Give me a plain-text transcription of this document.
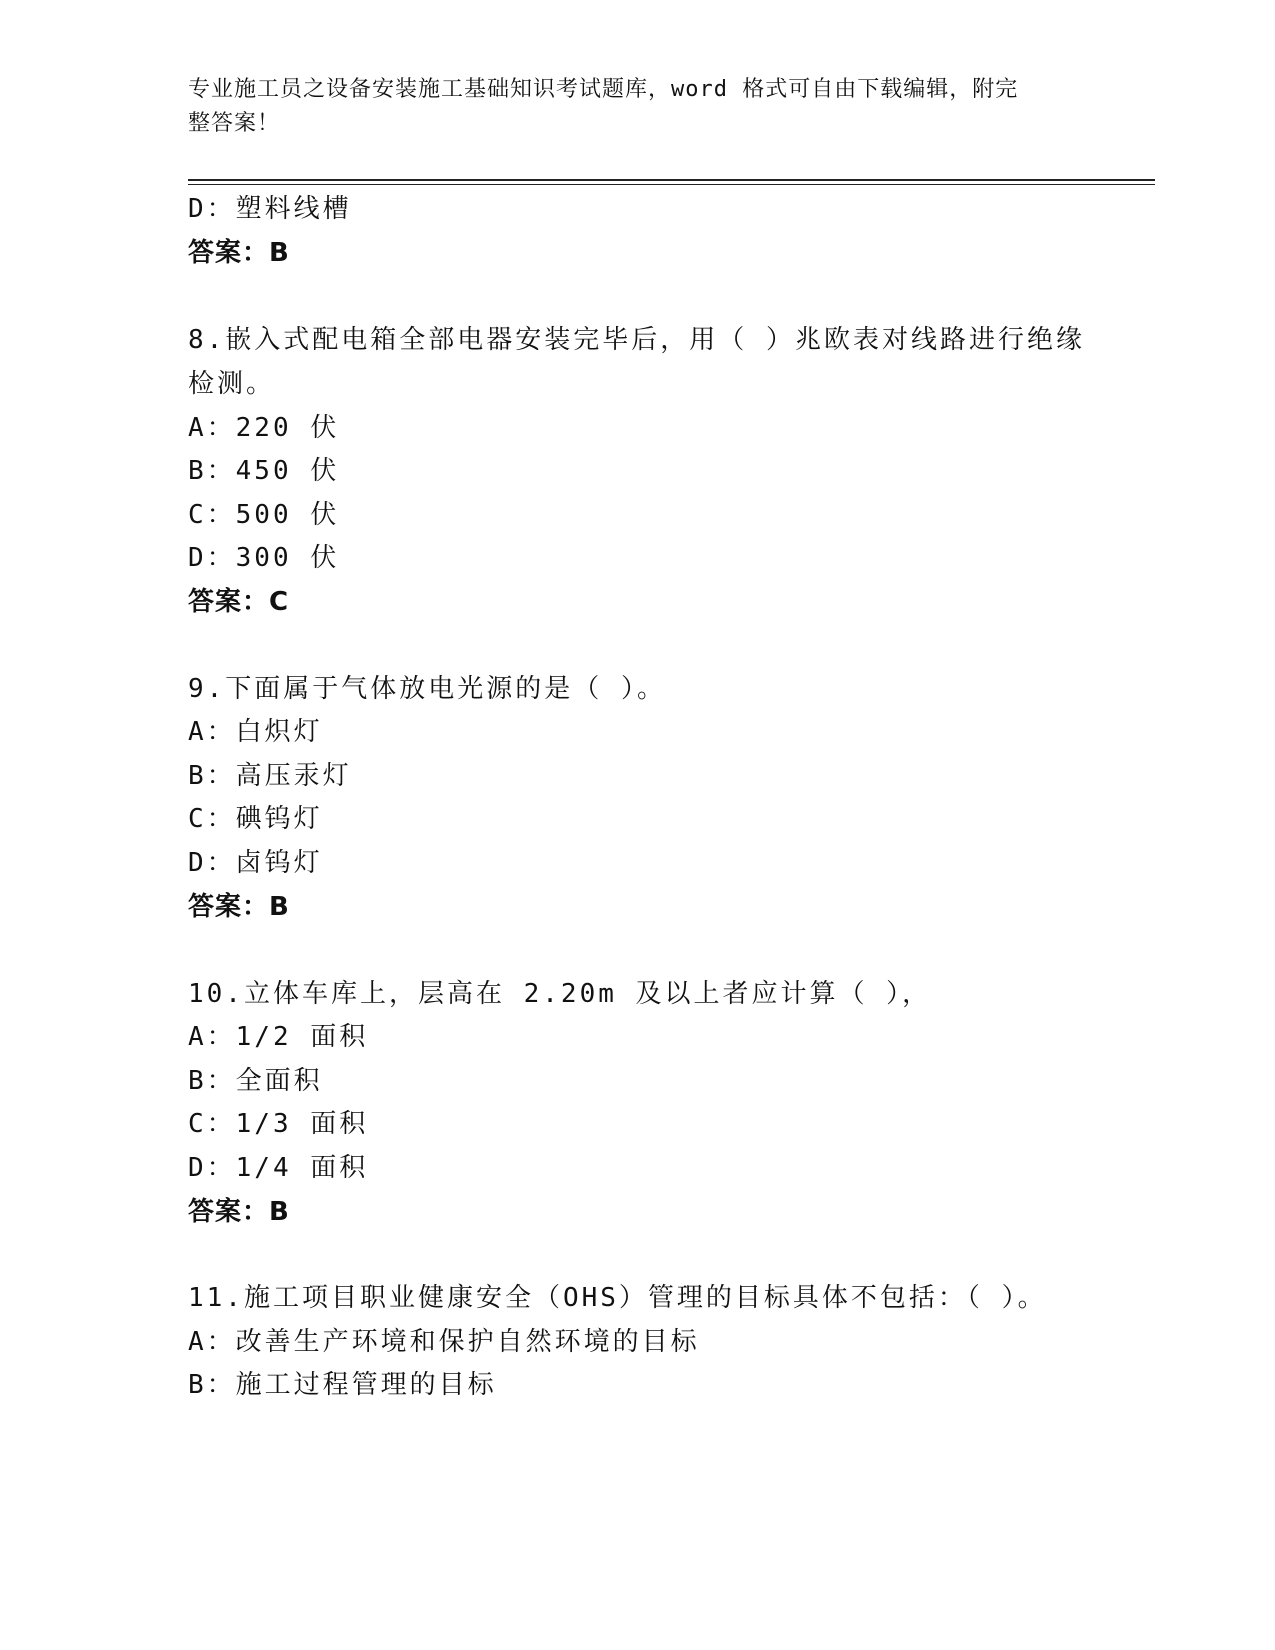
专业施工员之设备安装施工基础知识考试题库，word 格式可自由下载编辑，附完
整答案！
D：塑料线槽
答案：B
8.嵌入式配电箱全部电器安装完毕后，用（ ）兆欧表对线路进行绝缘
检测。
A：220 伏
B：450 伏
C：500 伏
D：300 伏
答案：C
9.下面属于气体放电光源的是（ ）。
A：白炽灯
B：高压汞灯
C：碘钨灯
D：卤钨灯
答案：B
10.立体车库上，层高在 2.20m 及以上者应计算（ ），
A：1/2 面积
B：全面积
C：1/3 面积
D：1/4 面积
答案：B
11.施工项目职业健康安全（OHS）管理的目标具体不包括：（ ）。
A：改善生产环境和保护自然环境的目标
B：施工过程管理的目标
